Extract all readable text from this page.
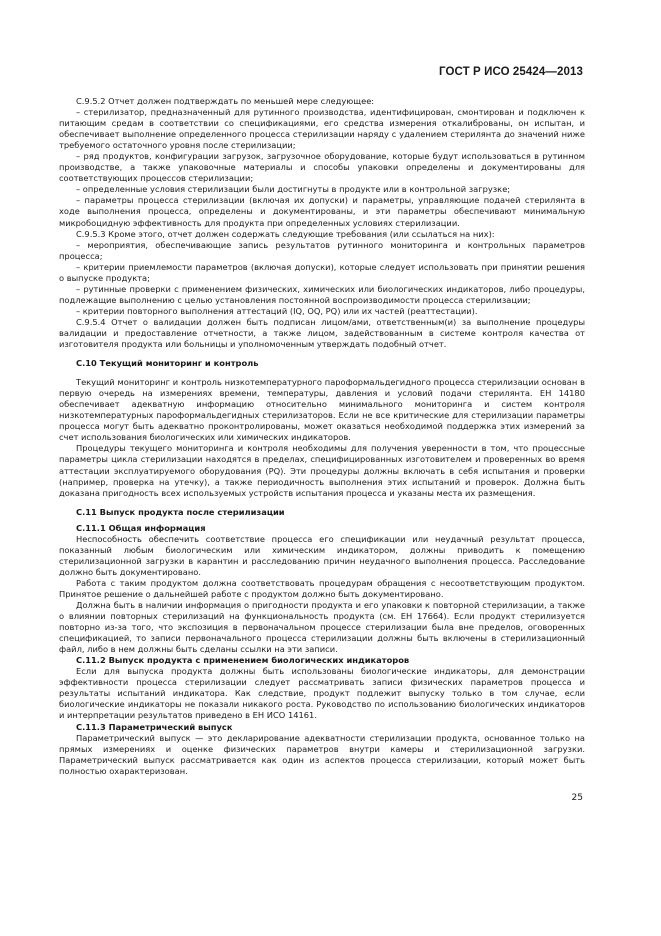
ГОСТ Р ИСО 25424—2013

C.9.5.2 Отчет должен подтверждать по меньшей мере следующее:

– стерилизатор, предназначенный для рутинного производства, идентифицирован, смонтирован и подключен к питающим средам в соответствии со спецификациями, его средства измерения откалиброваны, он испытан, и обеспечивает выполнение определенного процесса стерилизации наряду с удалением стерилянта до значений ниже требуемого остаточного уровня после стерилизации;

– ряд продуктов, конфигурации загрузок, загрузочное оборудование, которые будут использоваться в рутинном производстве, а также упаковочные материалы и способы упаковки определены и документированы для соответствующих процессов стерилизации;

– определенные условия стерилизации были достигнуты в продукте или в контрольной загрузке;

– параметры процесса стерилизации (включая их допуски) и параметры, управляющие подачей стерилянта в ходе выполнения процесса, определены и документированы, и эти параметры обеспечивают минимальную микробоцидную эффективность для продукта при определенных условиях стерилизации.

C.9.5.3 Кроме этого, отчет должен содержать следующие требования (или ссылаться на них):

– мероприятия, обеспечивающие запись результатов рутинного мониторинга и контрольных параметров процесса;

– критерии приемлемости параметров (включая допуски), которые следует использовать при принятии решения о выпуске продукта;

– рутинные проверки с применением физических, химических или биологических индикаторов, либо процедуры, подлежащие выполнению с целью установления постоянной воспроизводимости процесса стерилизации;

– критерии повторного выполнения аттестаций (IQ, OQ, PQ) или их частей (реаттестации).

C.9.5.4 Отчет о валидации должен быть подписан лицом/ами, ответственным(и) за выполнение процедуры валидации и предоставление отчетности, а также лицом, задействованным в системе контроля качества от изготовителя продукта или больницы и уполномоченным утверждать подобный отчет.

C.10 Текущий мониторинг и контроль

Текущий мониторинг и контроль низкотемпературного пароформальдегидного процесса стерилизации основан в первую очередь на измерениях времени, температуры, давления и условий подачи стерилянта. ЕН 14180 обеспечивает адекватную информацию относительно минимального мониторинга и систем контроля низкотемпературных пароформальдегидных стерилизаторов. Если не все критические для стерилизации параметры процесса могут быть адекватно проконтролированы, может оказаться необходимой поддержка этих измерений за счет использования биологических или химических индикаторов.

Процедуры текущего мониторинга и контроля необходимы для получения уверенности в том, что процессные параметры цикла стерилизации находятся в пределах, специфицированных изготовителем и проверенных во время аттестации эксплуатируемого оборудования (PQ). Эти процедуры должны включать в себя испытания и проверки (например, проверка на утечку), а также периодичность выполнения этих испытаний и проверок. Должна быть доказана пригодность всех используемых устройств испытания процесса и указаны места их размещения.

C.11 Выпуск продукта после стерилизации
C.11.1 Общая информация

Неспособность обеспечить соответствие процесса его спецификации или неудачный результат процесса, показанный любым биологическим или химическим индикатором, должны приводить к помещению стерилизационной загрузки в карантин и расследованию причин неудачного выполнения процесса. Расследование должно быть документировано.

Работа с таким продуктом должна соответствовать процедурам обращения с несоответствующим продуктом. Принятое решение о дальнейшей работе с продуктом должно быть документировано.

Должна быть в наличии информация о пригодности продукта и его упаковки к повторной стерилизации, а также о влиянии повторных стерилизаций на функциональность продукта (см. ЕН 17664). Если продукт стерилизуется повторно из-за того, что экспозиция в первоначальном процессе стерилизации была вне пределов, оговоренных спецификацией, то записи первоначального процесса стерилизации должны быть включены в стерилизационный файл, либо в нем должны быть сделаны ссылки на эти записи.

C.11.2 Выпуск продукта с применением биологических индикаторов

Если для выпуска продукта должны быть использованы биологические индикаторы, для демонстрации эффективности процесса стерилизации следует рассматривать записи физических параметров процесса и результаты испытаний индикатора. Как следствие, продукт подлежит выпуску только в том случае, если биологические индикаторы не показали никакого роста. Руководство по использованию биологических индикаторов и интерпретации результатов приведено в ЕН ИСО 14161.

C.11.3 Параметрический выпуск

Параметрический выпуск — это декларирование адекватности стерилизации продукта, основанное только на прямых измерениях и оценке физических параметров внутри камеры и стерилизационной загрузки. Параметрический выпуск рассматривается как один из аспектов процесса стерилизации, который может быть полностью охарактеризован.

25
